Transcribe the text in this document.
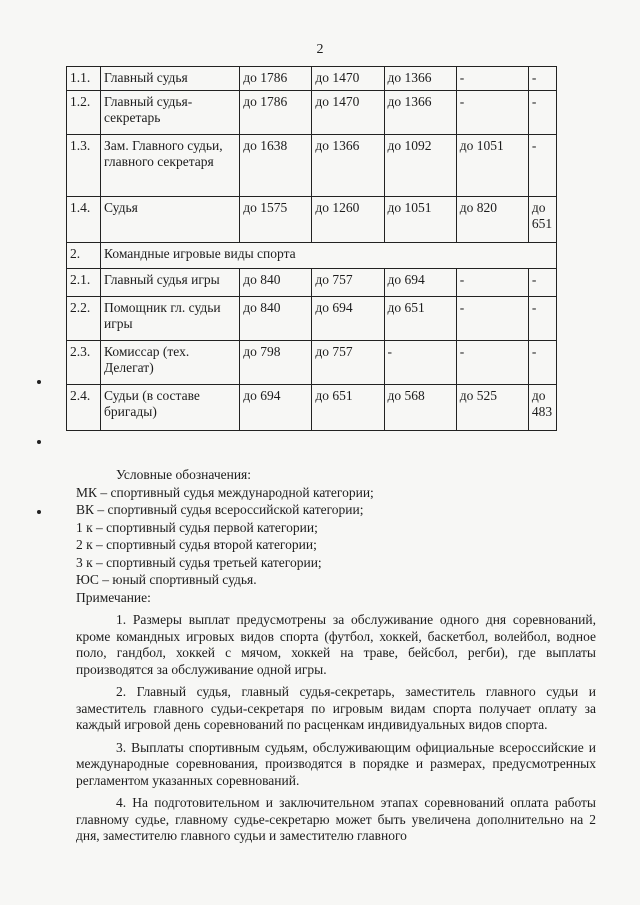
2
1.1.	Главный судья	до 1786	до 1470	до 1366	-	-
1.2.	Главный судья-секретарь	до 1786	до 1470	до 1366	-	-
1.3.	Зам. Главного судьи, главного секретаря	до 1638	до 1366	до 1092	до 1051	-
1.4.	Судья	до 1575	до 1260	до 1051	до 820	до 651
2.	Командные игровые виды спорта					
2.1.	Главный судья игры	до 840	до 757	до 694	-	-
2.2.	Помощник гл. судьи игры	до 840	до 694	до 651	-	-
2.3.	Комиссар (тех. Делегат)	до 798	до 757	-	-	-
2.4.	Судьи (в составе бригады)	до 694	до 651	до 568	до 525	до 483
Условные обозначения:
МК – спортивный судья международной категории;
ВК – спортивный судья всероссийской категории;
1 к – спортивный судья первой категории;
2 к – спортивный судья второй категории;
3 к – спортивный судья третьей категории;
ЮС – юный спортивный судья.
Примечание:

1. Размеры выплат предусмотрены за обслуживание одного дня соревнований, кроме командных игровых видов спорта (футбол, хоккей, баскетбол, волейбол, водное поло, гандбол, хоккей с мячом, хоккей на траве, бейсбол, регби), где выплаты производятся за обслуживание одной игры.

2. Главный судья, главный судья-секретарь, заместитель главного судьи и заместитель главного судьи-секретаря по игровым видам спорта получает оплату за каждый игровой день соревнований по расценкам индивидуальных видов спорта.

3. Выплаты спортивным судьям, обслуживающим официальные всероссийские и международные соревнования, производятся в порядке и размерах, предусмотренных регламентом указанных соревнований.

4. На подготовительном и заключительном этапах соревнований оплата работы главному судье, главному судье-секретарю может быть увеличена дополнительно на 2 дня, заместителю главного судьи и заместителю главного
